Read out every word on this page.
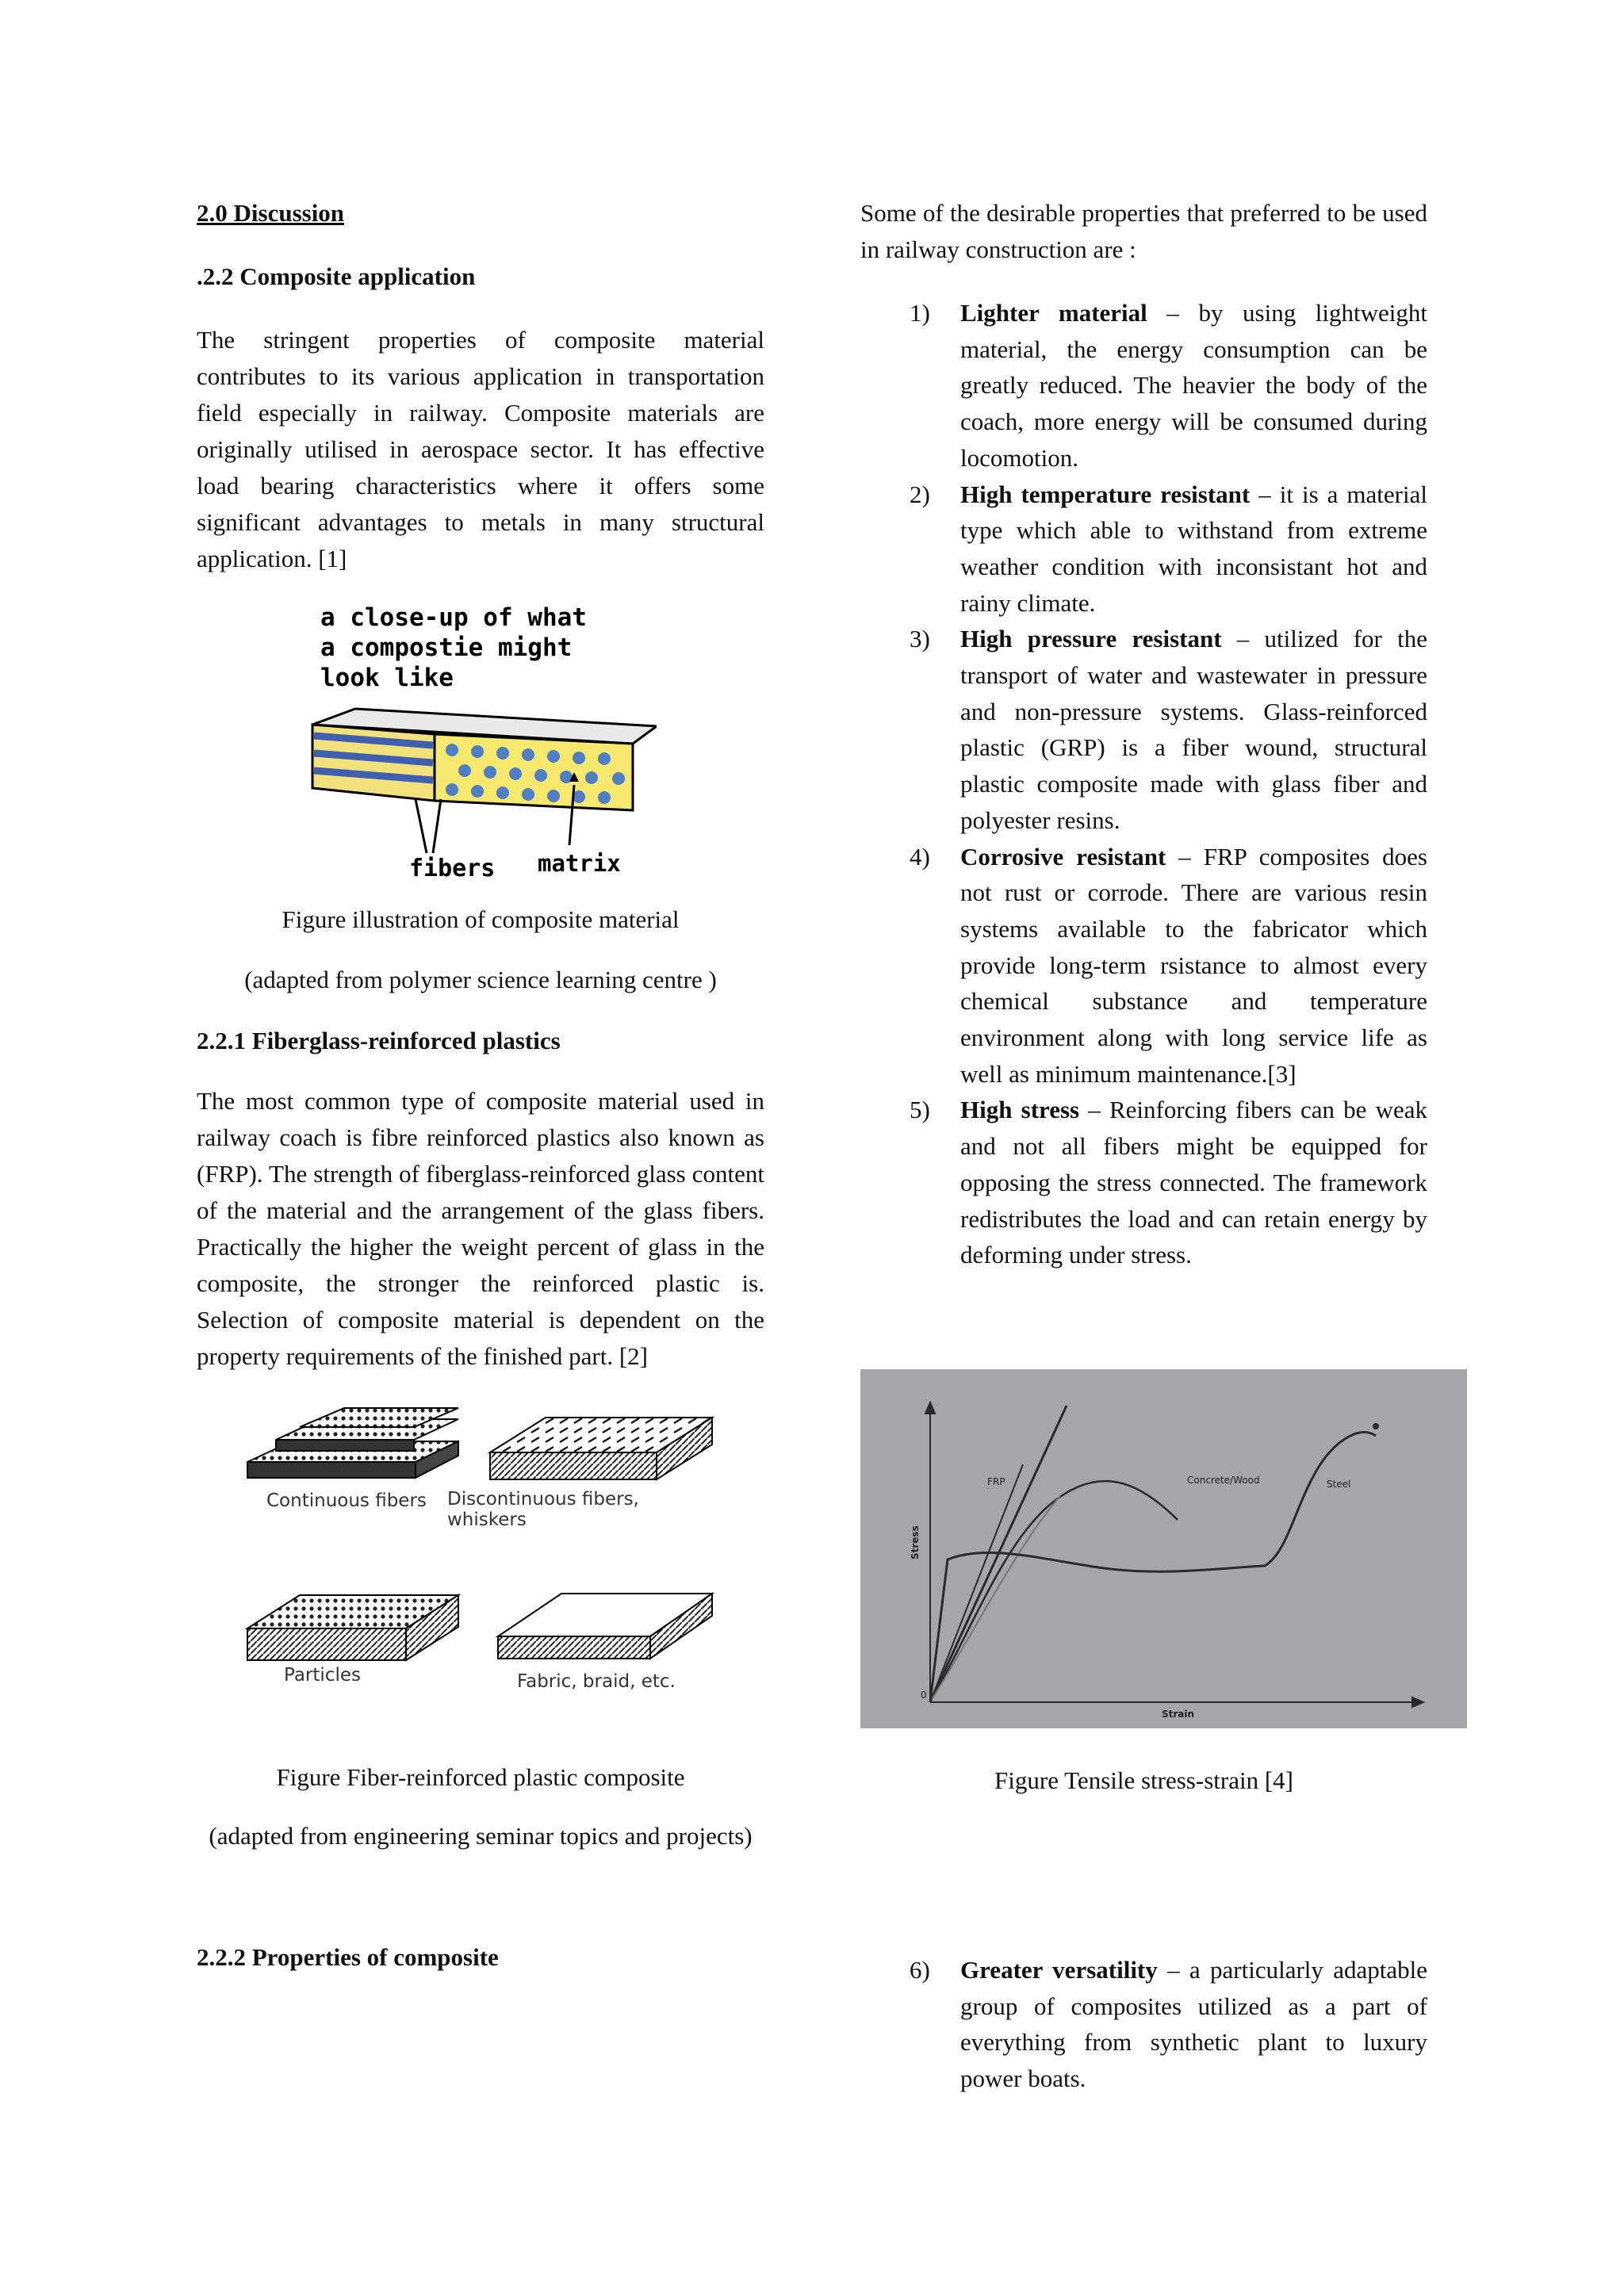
2.0 Discussion

.2.2 Composite application

The stringent properties of composite material contributes to its various application in transportation field especially in railway. Composite materials are originally utilised in aerospace sector. It has effective load bearing characteristics where it offers some significant advantages to metals in many structural application. [1]

a close-up of what
a compostie might
look like
fibers matrix

Figure illustration of composite material

(adapted from polymer science learning centre )

2.2.1 Fiberglass-reinforced plastics

The most common type of composite material used in railway coach is fibre reinforced plastics also known as (FRP). The strength of fiberglass-reinforced glass content of the material and the arrangement of the glass fibers. Practically the higher the weight percent of glass in the composite, the stronger the reinforced plastic is. Selection of composite material is dependent on the property requirements of the finished part. [2]

Continuous fibers Discontinuous fibers, whiskers
Particles	Fabric, braid, etc.

Figure Fiber-reinforced plastic composite

(adapted from engineering seminar topics and projects)

2.2.2 Properties of composite

Some of the desirable properties that preferred to be used in railway construction are :

1) Lighter material – by using lightweight material, the energy consumption can be greatly reduced. The heavier the body of the coach, more energy will be consumed during locomotion.
2) High temperature resistant – it is a material type which able to withstand from extreme weather condition with inconsistant hot and rainy climate.
3) High pressure resistant – utilized for the transport of water and wastewater in pressure and non-pressure systems. Glass-reinforced plastic (GRP) is a fiber wound, structural plastic composite made with glass fiber and polyester resins.
4) Corrosive resistant – FRP composites does not rust or corrode. There are various resin systems available to the fabricator which provide long-term rsistance to almost every chemical substance and temperature environment along with long service life as well as minimum maintenance.[3]
5) High stress – Reinforcing fibers can be weak and not all fibers might be equipped for opposing the stress connected. The framework redistributes the load and can retain energy by deforming under stress.
Stress
Strain
0
FRP	Concrete/Wood	Steel

Figure Tensile stress-strain [4]

6) Greater versatility – a particularly adaptable group of composites utilized as a part of everything from synthetic plant to luxury power boats.
